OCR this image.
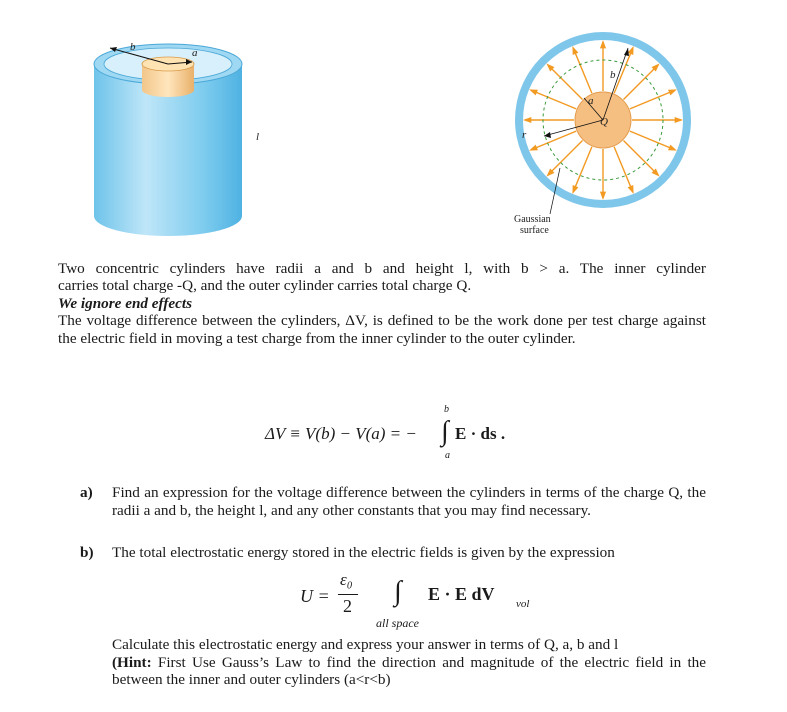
b	a
l
b
a
Q
r
Gaussian
surface
Two concentric cylinders have radii a and b and height l, with b > a. The inner cylinder
carries total charge -Q, and the outer cylinder carries total charge Q.
We ignore end effects
The voltage difference between the cylinders, ΔV, is defined to be the work done per test charge against the electric field in moving a test charge from the inner cylinder to the outer cylinder.
ΔV ≡ V(b) − V(a) = − ∫
b
a
E · ds .
a) Find an expression for the voltage difference between the cylinders in terms of the charge Q, the radii a and b, the height l, and any other constants that you may find necessary.
b) The total electrostatic energy stored in the electric fields is given by the expression
U =
ε₀
2 ∫ E · E dV vol
all space
Calculate this electrostatic energy and express your answer in terms of Q, a, b and l
(Hint: First Use Gauss’s Law to find the direction and magnitude of the electric field in the between the inner and outer cylinders (a<r<b)
